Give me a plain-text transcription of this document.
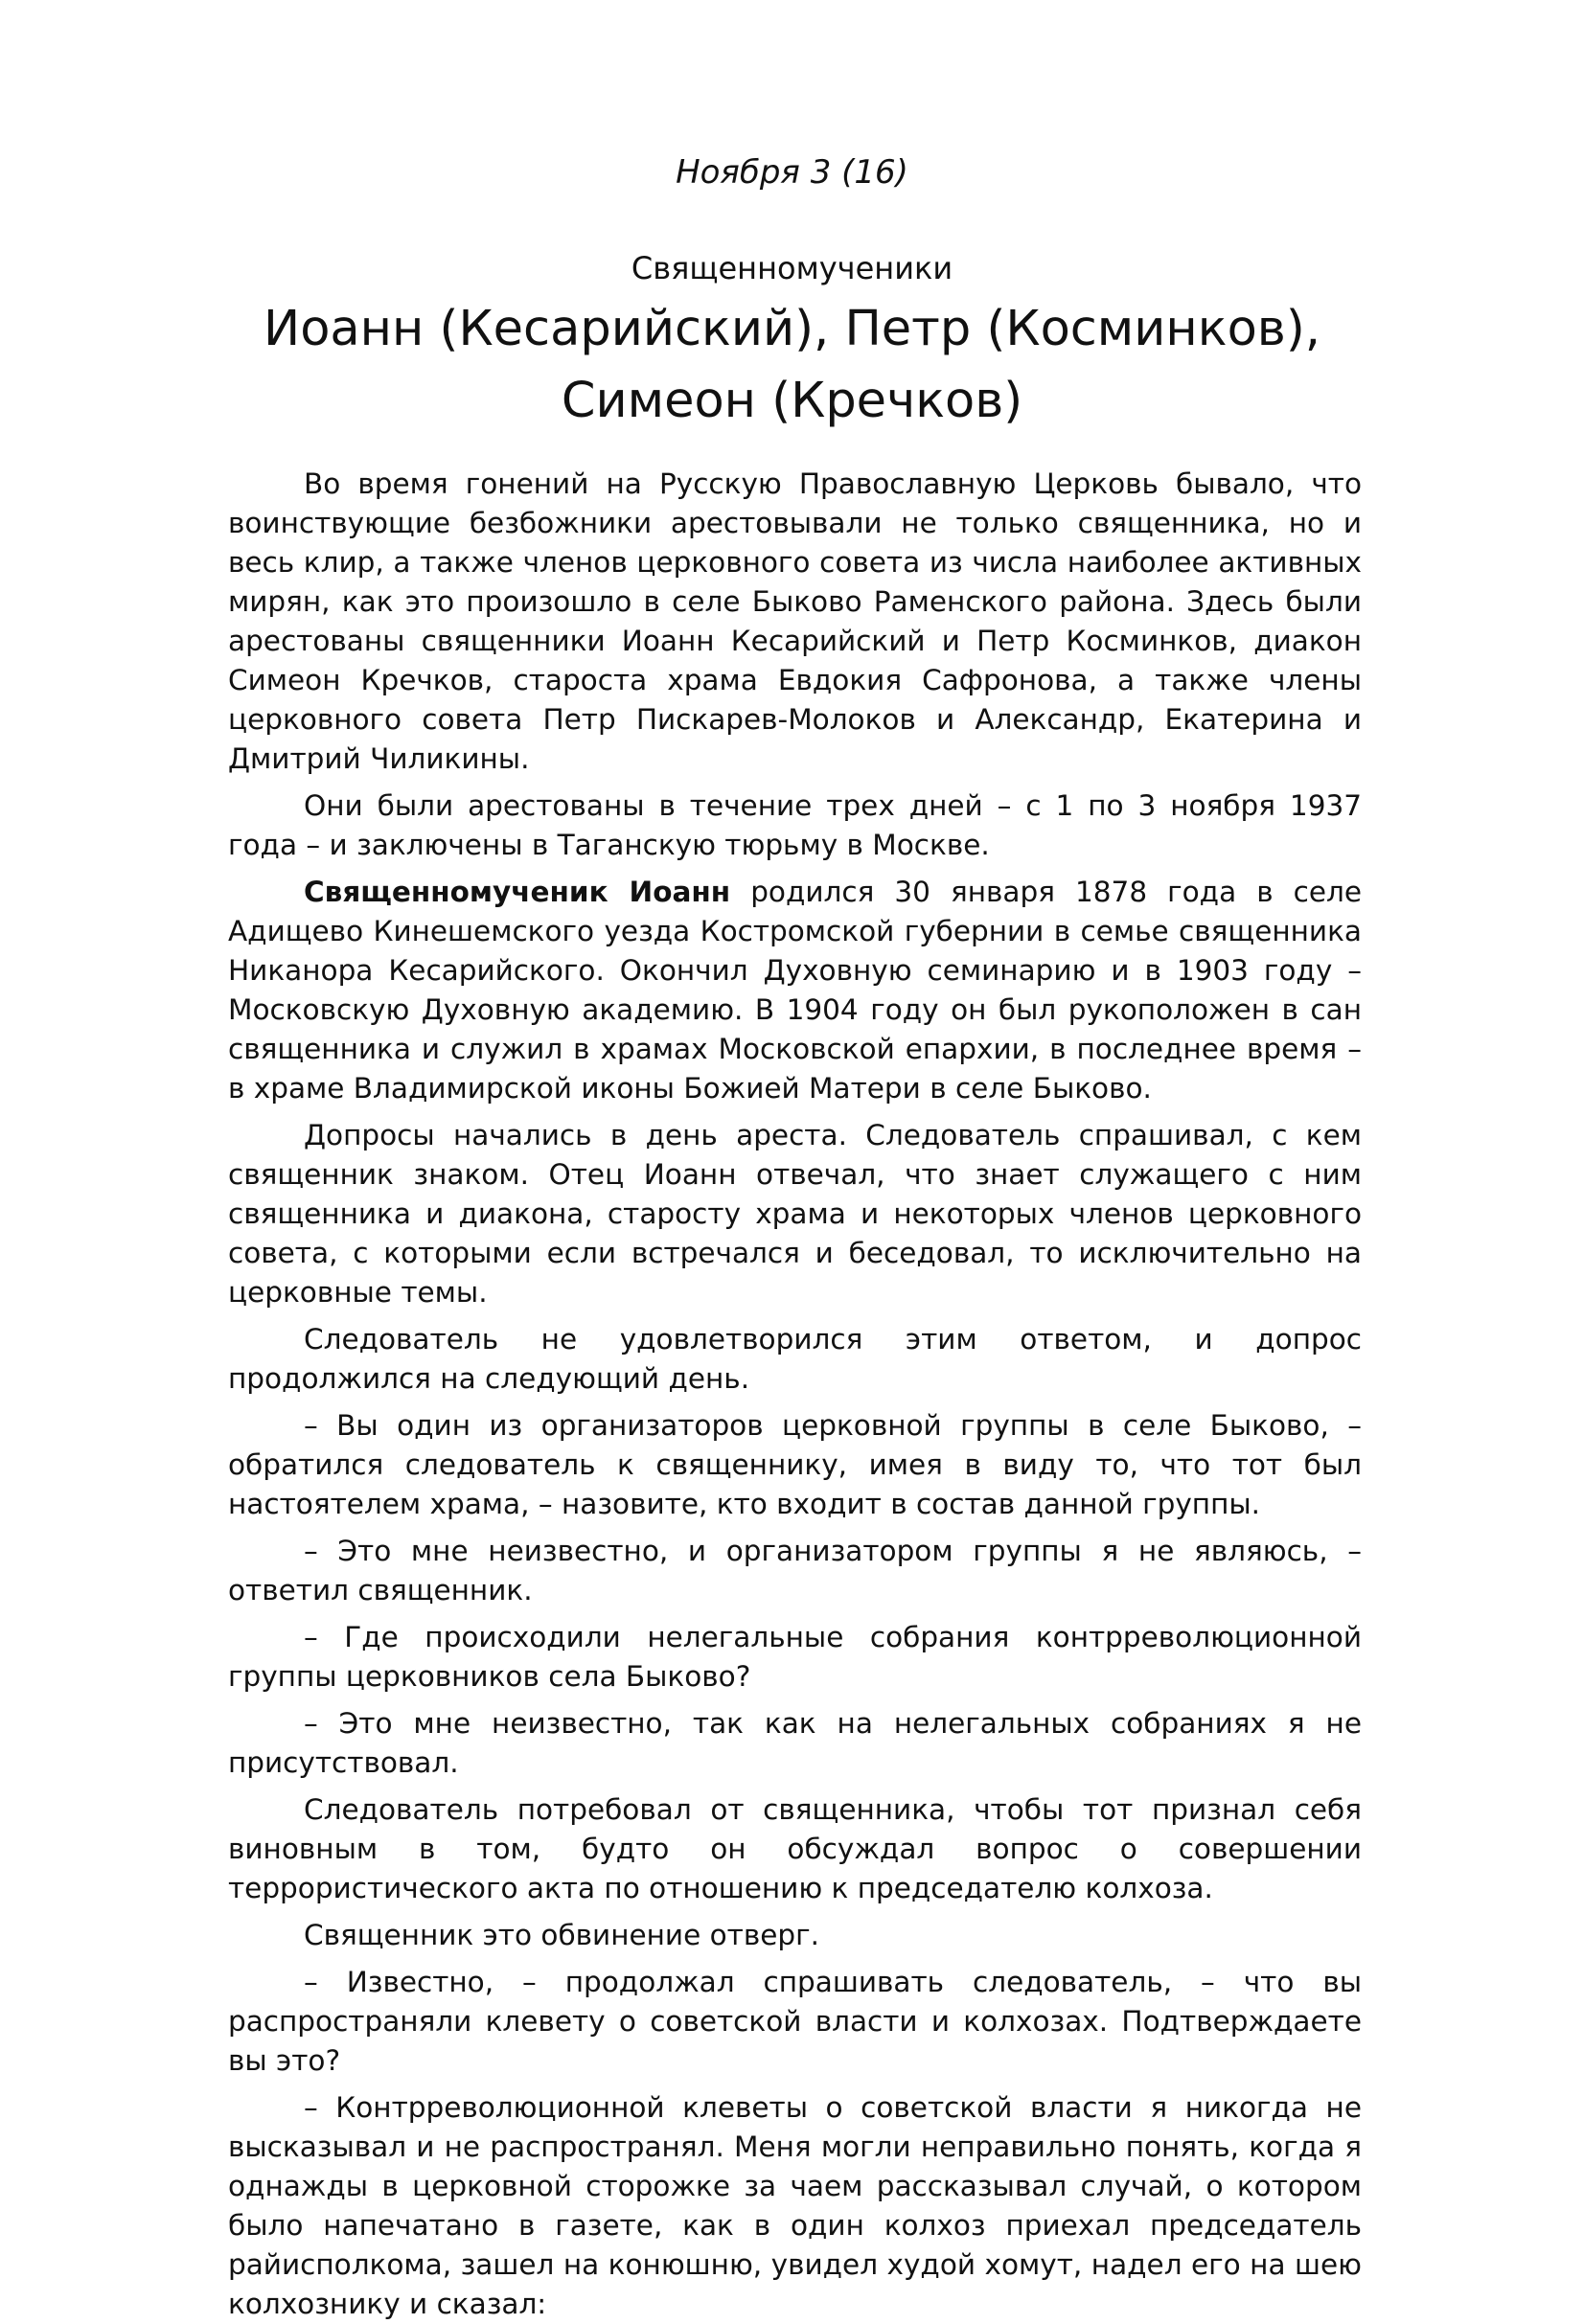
Ноября 3 (16)
Священномученики
Иоанн (Кесарийский), Петр (Косминков),
Симеон (Кречков)

Во время гонений на Русскую Православную Церковь бывало, что воинствующие безбожники арестовывали не только священника, но и весь клир, а также членов церковного совета из числа наиболее активных мирян, как это произошло в селе Быково Раменского района. Здесь были арестованы священники Иоанн Кесарийский и Петр Косминков, диакон Симеон Кречков, староста храма Евдокия Сафронова, а также члены церковного совета Петр Пискарев-Молоков и Александр, Екатерина и Дмитрий Чиликины.

Они были арестованы в течение трех дней – с 1 по 3 ноября 1937 года – и заключены в Таганскую тюрьму в Москве.

Священномученик Иоанн родился 30 января 1878 года в селе Адищево Кинешемского уезда Костромской губернии в семье священника Никанора Кесарийского. Окончил Духовную семинарию и в 1903 году – Московскую Духовную академию. В 1904 году он был рукоположен в сан священника и служил в храмах Московской епархии, в последнее время – в храме Владимирской иконы Божией Матери в селе Быково.

Допросы начались в день ареста. Следователь спрашивал, с кем священник знаком. Отец Иоанн отвечал, что знает служащего с ним священника и диакона, старосту храма и некоторых членов церковного совета, с которыми если встречался и беседовал, то исключительно на церковные темы.

Следователь не удовлетворился этим ответом, и допрос продолжился на следующий день.

– Вы один из организаторов церковной группы в селе Быково, – обратился следователь к священнику, имея в виду то, что тот был настоятелем храма, – назовите, кто входит в состав данной группы.

– Это мне неизвестно, и организатором группы я не являюсь, – ответил священник.

– Где происходили нелегальные собрания контрреволюционной группы церковников села Быково?

– Это мне неизвестно, так как на нелегальных собраниях я не присутствовал.

Следователь потребовал от священника, чтобы тот признал себя виновным в том, будто он обсуждал вопрос о совершении террористического акта по отношению к председателю колхоза.

Священник это обвинение отверг.

– Известно, – продолжал спрашивать следователь, – что вы распространяли клевету о советской власти и колхозах. Подтверждаете вы это?

– Контрреволюционной клеветы о советской власти я никогда не высказывал и не распространял. Меня могли неправильно понять, когда я однажды в церковной сторожке за чаем рассказывал случай, о котором было напечатано в газете, как в один колхоз приехал председатель райисполкома, зашел на конюшню, увидел худой хомут, надел его на шею колхознику и сказал:
